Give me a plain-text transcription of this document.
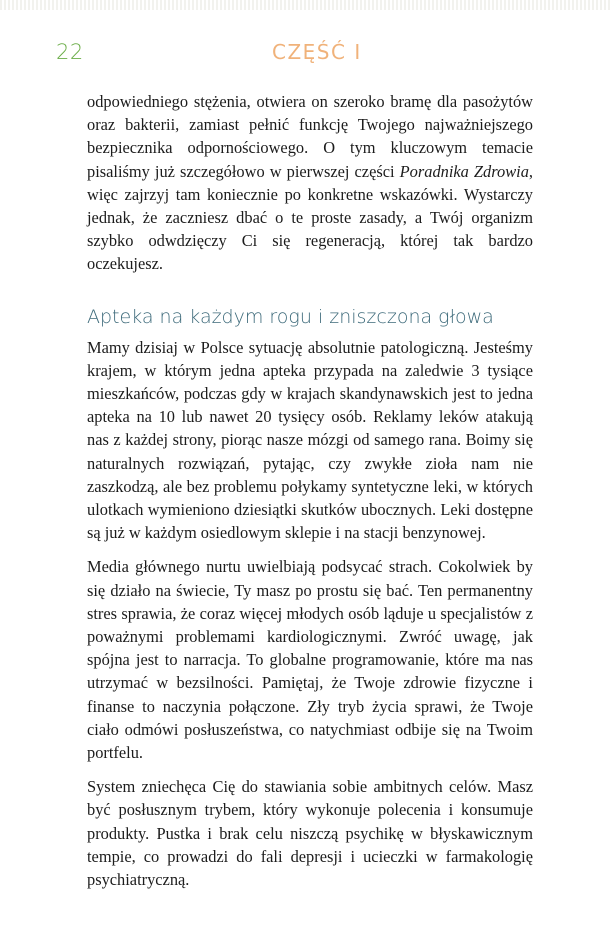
22	CZĘŚĆ I

odpowiedniego stężenia, otwiera on szeroko bramę dla pasożytów oraz bakterii, zamiast pełnić funkcję Twojego najważniejszego bezpiecznika odpornościowego. O tym kluczowym temacie pisaliśmy już szczegółowo w pierwszej części Poradnika Zdrowia, więc zajrzyj tam koniecznie po konkretne wskazówki. Wystarczy jednak, że zaczniesz dbać o te proste zasady, a Twój organizm szybko odwdzięczy Ci się regeneracją, której tak bardzo oczekujesz.

Apteka na każdym rogu i zniszczona głowa

Mamy dzisiaj w Polsce sytuację absolutnie patologiczną. Jesteśmy krajem, w którym jedna apteka przypada na zaledwie 3 tysiące mieszkańców, podczas gdy w krajach skandynawskich jest to jedna apteka na 10 lub nawet 20 tysięcy osób. Reklamy leków atakują nas z każdej strony, piorąc nasze mózgi od samego rana. Boimy się naturalnych rozwiązań, pytając, czy zwykłe zioła nam nie zaszkodzą, ale bez problemu połykamy syntetyczne leki, w których ulotkach wymieniono dziesiątki skutków ubocznych. Leki dostępne są już w każdym osiedlowym sklepie i na stacji benzynowej.

Media głównego nurtu uwielbiają podsycać strach. Cokolwiek by się działo na świecie, Ty masz po prostu się bać. Ten permanentny stres sprawia, że coraz więcej młodych osób ląduje u specjalistów z poważnymi problemami kardiologicznymi. Zwróć uwagę, jak spójna jest to narracja. To globalne programowanie, które ma nas utrzymać w bezsilności. Pamiętaj, że Twoje zdrowie fizyczne i finanse to naczynia połączone. Zły tryb życia sprawi, że Twoje ciało odmówi posłuszeństwa, co natychmiast odbije się na Twoim portfelu.

System zniechęca Cię do stawiania sobie ambitnych celów. Masz być posłusznym trybem, który wykonuje polecenia i konsumuje produkty. Pustka i brak celu niszczą psychikę w błyskawicznym tempie, co prowadzi do fali depresji i ucieczki w farmakologię psychiatryczną.
